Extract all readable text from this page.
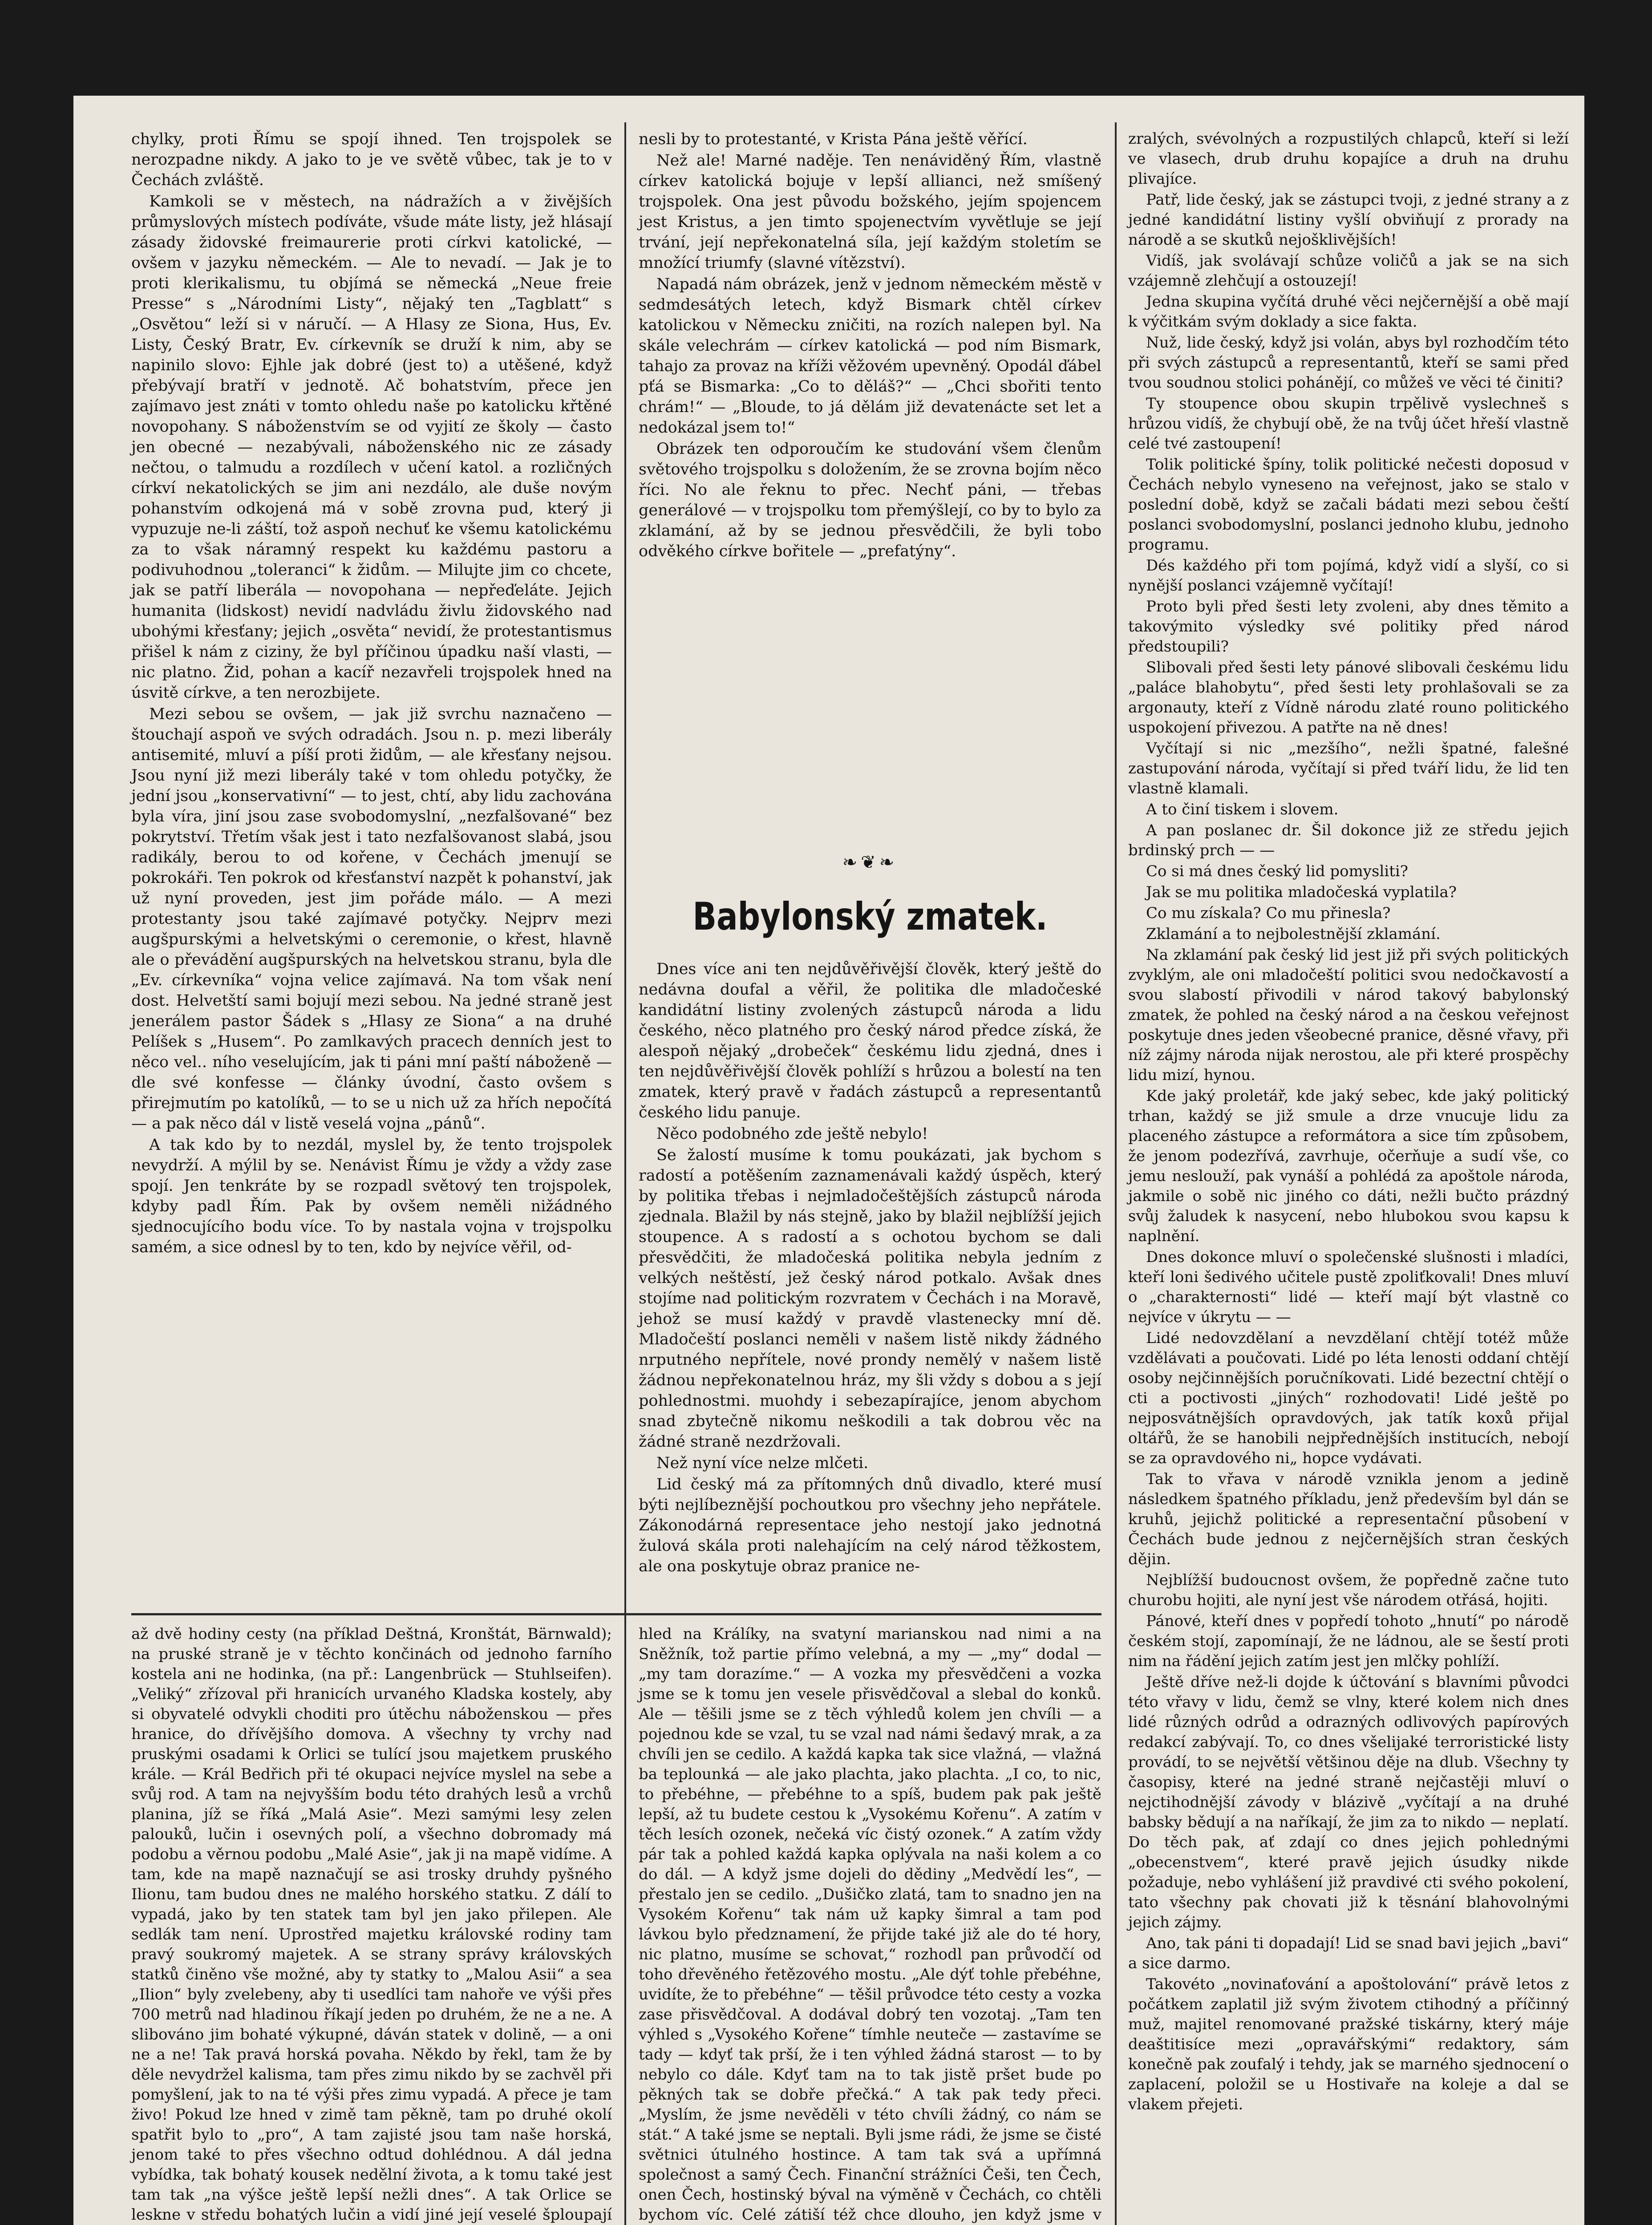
chylky, proti Římu se spojí ihned. Ten trojspolek se nerozpadne nikdy. A jako to je ve světě vůbec, tak je to v Čechách zvláště.

Kamkoli se v městech, na nádražích a v živějších průmyslových místech podíváte, všude máte listy, jež hlásají zásady židovské freimaurerie proti církvi katolické, — ovšem v jazyku německém. — Ale to nevadí. — Jak je to proti klerikalismu, tu objímá se německá „Neue freie Presse“ s „Národními Listy“, nějaký ten „Tagblatt“ s „Osvětou“ leží si v náručí. — A Hlasy ze Siona, Hus, Ev. Listy, Český Bratr, Ev. církevník se druží k nim, aby se napinilo slovo: Ejhle jak dobré (jest to) a utěšené, když přebývají bratří v jednotě. Ač bohatstvím, přece jen zajímavo jest znáti v tomto ohledu naše po katolicku křtěné novopohany. S náboženstvím se od vyjití ze školy — často jen obecné — nezabývali, náboženského nic ze zásady nečtou, o talmudu a rozdílech v učení katol. a rozličných církví nekatolických se jim ani nezdálo, ale duše novým pohanstvím odkojená má v sobě zrovna pud, který ji vypuzuje ne-li záští, tož aspoň nechuť ke všemu katolickému za to však náramný respekt ku každému pastoru a podivuhodnou „toleranci“ k židům. — Milujte jim co chcete, jak se patří liberála — novopohana — nepřeďeláte. Jejich humanita (lidskost) nevidí nadvládu živlu židovského nad ubohými křesťany; jejich „osvěta“ nevidí, že protestantismus přišel k nám z ciziny, že byl příčinou úpadku naší vlasti, — nic platno. Žid, pohan a kacíř nezavřeli trojspolek hned na úsvitě církve, a ten nerozbijete.

Mezi sebou se ovšem, — jak již svrchu naznačeno — štouchají aspoň ve svých odradách. Jsou n. p. mezi liberály antisemité, mluví a píší proti židům, — ale křesťany nejsou. Jsou nyní již mezi liberály také v tom ohledu potyčky, že jední jsou „konservativní“ — to jest, chtí, aby lidu zachována byla víra, jiní jsou zase svobodomyslní, „nezfalšované“ bez pokrytství. Třetím však jest i tato nezfalšovanost slabá, jsou radikály, berou to od kořene, v Čechách jmenují se pokrokáři. Ten pokrok od křesťanství nazpět k pohanství, jak už nyní proveden, jest jim pořáde málo. — A mezi protestanty jsou také zajímavé potyčky. Nejprv mezi augšpurskými a helvetskými o ceremonie, o křest, hlavně ale o převádění augšpurských na helvetskou stranu, byla dle „Ev. církevníka“ vojna velice zajímavá. Na tom však není dost. Helvetští sami bojují mezi sebou. Na jedné straně jest jenerálem pastor Šádek s „Hlasy ze Siona“ a na druhé Pelíšek s „Husem“. Po zamlkavých pracech denních jest to něco vel.. ního veselujícím, jak ti páni mní paští náboženě — dle své konfesse — články úvodní, často ovšem s přirejmutím po katolíků, — to se u nich už za hřích nepočítá — a pak něco dál v listě veselá vojna „pánů“.

A tak kdo by to nezdál, myslel by, že tento trojspolek nevydrží. A mýlil by se. Nenávist Římu je vždy a vždy zase spojí. Jen tenkráte by se rozpadl světový ten trojspolek, kdyby padl Řím. Pak by ovšem neměli nižádného sjednocujícího bodu více. To by nastala vojna v trojspolku samém, a sice odnesl by to ten, kdo by nejvíce věřil, od-

nesli by to protestanté, v Krista Pána ještě věřící.

Než ale! Marné naděje. Ten nenáviděný Řím, vlastně církev katolická bojuje v lepší allianci, než smíšený trojspolek. Ona jest původu božského, jejím spojencem jest Kristus, a jen timto spojenectvím vyvětluje se její trvání, její nepřekonatelná síla, její každým stoletím se množící triumfy (slavné vítězství).

Napadá nám obrázek, jenž v jednom německém městě v sedmdesátých letech, když Bismark chtěl církev katolickou v Německu zničiti, na rozích nalepen byl. Na skále velechrám — církev katolická — pod ním Bismark, tahajo za provaz na kříži věžovém upevněný. Opodál ďábel pťá se Bismarka: „Co to děláš?“ — „Chci sbořiti tento chrám!“ — „Bloude, to já dělám již devatenácte set let a nedokázal jsem to!“

Obrázek ten odporoučím ke studování všem členům světového trojspolku s doložením, že se zrovna bojím něco říci. No ale řeknu to přec. Nechť páni, — třebas generálové — v trojspolku tom přemýšlejí, co by to bylo za zklamání, až by se jednou přesvědčili, že byli tobo odvěkého církve bořitele — „prefatýny“.

❧❦❧
Babylonský zmatek.

Dnes více ani ten nejdůvěřivější člověk, který ještě do nedávna doufal a věřil, že politika dle mladočeské kandidátní listiny zvolených zástupců národa a lidu českého, něco platného pro český národ předce získá, že alespoň nějaký „drobeček“ českému lidu zjedná, dnes i ten nejdůvěřivější člověk pohlíží s hrůzou a bolestí na ten zmatek, který pravě v řadách zástupců a representantů českého lidu panuje.

Něco podobného zde ještě nebylo!

Se žalostí musíme k tomu poukázati, jak bychom s radostí a potěšením zaznamenávali každý úspěch, který by politika třebas i nejmladočeštějších zástupců národa zjednala. Blažil by nás stejně, jako by blažil nejblížší jejich stoupence. A s radostí a s ochotou bychom se dali přesvědčiti, že mladočeská politika nebyla jedním z velkých neštěstí, jež český národ potkalo. Avšak dnes stojíme nad politickým rozvratem v Čechách i na Moravě, jehož se musí každý v pravdě vlastenecky mní dě. Mladočeští poslanci neměli v našem listě nikdy žádného nrputného nepřítele, nové prondy nemělý v našem listě žádnou nepřekonatelnou hráz, my šli vždy s dobou a s její pohlednostmi. muohdy i sebezapírajíce, jenom abychom snad zbytečně nikomu neškodili a tak dobrou věc na žádné straně nezdržovali.

Než nyní více nelze mlčeti.

Lid český má za přítomných dnů divadlo, které musí býti nejlíbeznější pochoutkou pro všechny jeho nepřátele. Zákonodárná representace jeho nestojí jako jednotná žulová skála proti nalehajícím na celý národ těžkostem, ale ona poskytuje obraz pranice ne-

zralých, svévolných a rozpustilých chlapců, kteří si leží ve vlasech, drub druhu kopajíce a druh na druhu plivajíce.

Patř, lide český, jak se zástupci tvoji, z jedné strany a z jedné kandidátní listiny vyšlí obviňují z prorady na národě a se skutků nejošklivějších!

Vidíš, jak svolávají schůze voličů a jak se na sich vzájemně zlehčují a ostouzejí!

Jedna skupina vyčítá druhé věci nejčernější a obě mají k výčitkám svým doklady a sice fakta.

Nuž, lide český, když jsi volán, abys byl rozhodčím této při svých zástupců a representantů, kteří se sami před tvou soudnou stolici pohánějí, co můžeš ve věci té činiti?

Ty stoupence obou skupin trpělivě vyslechneš s hrůzou vidíš, že chybují obě, že na tvůj účet hřeší vlastně celé tvé zastoupení!

Tolik politické špíny, tolik politické nečesti doposud v Čechách nebylo vyneseno na veřejnost, jako se stalo v poslední době, když se začali bádati mezi sebou čeští poslanci svobodomyslní, poslanci jednoho klubu, jednoho programu.

Dés každého při tom pojímá, když vidí a slyší, co si nynější poslanci vzájemně vyčítají!

Proto byli před šesti lety zvoleni, aby dnes těmito a takovýmito výsledky své politiky před národ předstoupili?

Slibovali před šesti lety pánové slibovali českému lidu „paláce blahobytu“, před šesti lety prohlašovali se za argonauty, kteří z Vídně národu zlaté rouno politického uspokojení přivezou. A patřte na ně dnes!

Vyčítají si nic „mezšího“, nežli špatné, falešné zastupování národa, vyčítají si před tváří lidu, že lid ten vlastně klamali.

A to činí tiskem i slovem.

A pan poslanec dr. Šil dokonce již ze středu jejich brdinský prch — —

Co si má dnes český lid pomysliti?

Jak se mu politika mladočeská vyplatila?

Co mu získala? Co mu přinesla?

Zklamání a to nejbolestnější zklamání.

Na zklamání pak český lid jest již při svých politických zvyklým, ale oni mladočeští politici svou nedočkavostí a svou slabostí přivodili v národ takový babylonský zmatek, že pohled na český národ a na českou veřejnost poskytuje dnes jeden všeobecné pranice, děsné vřavy, při níž zájmy národa nijak nerostou, ale při které prospěchy lidu mizí, hynou.

Kde jaký proletář, kde jaký sebec, kde jaký politický trhan, každý se již smule a drze vnucuje lidu za placeného zástupce a reformátora a sice tím způsobem, že jenom podezřívá, zavrhuje, očerňuje a sudí vše, co jemu neslouží, pak vynáší a pohlédá za apoštole národa, jakmile o sobě nic jiného co dáti, nežli bučto prázdný svůj žaludek k nasycení, nebo hlubokou svou kapsu k naplnění.

Dnes dokonce mluví o společenské slušnosti i mladíci, kteří loni šedivého učitele pustě zpoliťkovali! Dnes mluví o „charakternosti“ lidé — kteří mají být vlastně co nejvíce v úkrytu — —

Lidé nedovzdělaní a nevzdělaní chtějí totéž může vzdělávati a poučovati. Lidé po léta lenosti oddaní chtějí osoby nejčinnějších poručníkovati. Lidé bezectní chtějí o cti a poctivosti „jiných“ rozhodovati! Lidé ještě po nejposvátnějších opravdových, jak tatík koxů přijal oltářů, že se hanobili nejpřednějších institucích, nebojí se za opravdového ni„ hopce vydávati.

Tak to vřava v národě vznikla jenom a jedině následkem špatného příkladu, jenž především byl dán se kruhů, jejichž politické a representační působení v Čechách bude jednou z nejčernějších stran českých dějin.

Nejblížší budoucnost ovšem, že popředně začne tuto churobu hojiti, ale nyní jest vše národem otřásá, hojiti.

Pánové, kteří dnes v popředí tohoto „hnutí“ po národě českém stojí, zapomínají, že ne ládnou, ale se šestí proti nim na řádění jejich zatím jest jen mlčky pohlíží.

Ještě dříve než-li dojde k účtování s blavními původci této vřavy v lidu, čemž se vlny, které kolem nich dnes lidé různých odrůd a odrazných odlivových papírových redakcí zabývají. To, co dnes všelijaké terroristické listy provádí, to se největší většinou děje na dlub. Všechny ty časopisy, které na jedné straně nejčastěji mluví o nejctihodnější závody v blázivě „vyčítají a na druhé babsky bědují a na naříkají, že jim za to nikdo — neplatí. Do těch pak, ať zdají co dnes jejich pohlednými „obecenstvem“, které pravě jejich úsudky nikde požaduje, nebo vyhlášení již pravdivé cti svého pokolení, tato všechny pak chovati již k těsnání blahovolnými jejich zájmy.

Ano, tak páni ti dopadají! Lid se snad bavi jejich „bavi“ a sice darmo.

Takovéto „novinaťování a apoštolování“ právě letos z počátkem zaplatil již svým životem ctihodný a příčinný muž, majitel renomované pražské tiskárny, který máje deaštitisíce mezi „opravářskými“ redaktory, sám konečně pak zoufalý i tehdy, jak se marného sjednocení o zaplacení, položil se u Hostivaře na koleje a dal se vlakem přejeti.

až dvě hodiny cesty (na příklad Deštná, Kronštát, Bärnwald); na pruské straně je v těchto končinách od jednoho farního kostela ani ne hodinka, (na př.: Langenbrück — Stuhlseifen). „Veliký“ zřízoval při hranicích urvaného Kladska kostely, aby si obyvatelé odvykli choditi pro útěchu náboženskou — přes hranice, do dřívějšího domova. A všechny ty vrchy nad pruskými osadami k Orlici se tulící jsou majetkem pruského krále. — Král Bedřich při té okupaci nejvíce myslel na sebe a svůj rod. A tam na nejvyšším bodu této drahých lesů a vrchů planina, jíž se říká „Malá Asie“. Mezi samými lesy zelen palouků, lučin i osevných polí, a všechno dobromady má podobu a věrnou podobu „Malé Asie“, jak ji na mapě vidíme. A tam, kde na mapě naznačují se asi trosky druhdy pyšného Ilionu, tam budou dnes ne malého horského statku. Z dálí to vypadá, jako by ten statek tam byl jen jako přilepen. Ale sedlák tam není. Uprostřed majetku královské rodiny tam pravý soukromý majetek. A se strany správy královských statků činěno vše možné, aby ty statky to „Malou Asii“ a sea „Ilion“ byly zvelebeny, aby ti usedlíci tam nahoře ve výši přes 700 metrů nad hladinou říkají jeden po druhém, že ne a ne. A slibováno jim bohaté výkupné, dáván statek v dolině, — a oni ne a ne! Tak pravá horská povaha. Někdo by řekl, tam že by děle nevydržel kalisma, tam přes zimu nikdo by se zachvěl při pomyšlení, jak to na té výši přes zimu vypadá. A přece je tam živo! Pokud lze hned v zimě tam pěkně, tam po druhé okolí spatřit bylo to „pro“, A tam zajisté jsou tam naše horská, jenom také to přes všechno odtud dohlédnou. A dál jedna vybídka, tak bohatý kousek nedělní života, a k tomu také jest tam tak „na výšce ještě lepší nežli dnes“. A tak Orlice se leskne v středu bohatých lučin a vidí jiné její veselé šploupají

hled na Králíky, na svatyní marianskou nad nimi a na Sněžník, tož partie přímo velebná, a my — „my“ dodal — „my tam dorazíme.“ — A vozka my přesvědčeni a vozka jsme se k tomu jen vesele přisvědčoval a slebal do konků. Ale — těšili jsme se z těch výhledů kolem jen chvíli — a pojednou kde se vzal, tu se vzal nad námi šedavý mrak, a za chvíli jen se cedilo. A každá kapka tak sice vlažná, — vlažná ba teplounká — ale jako plachta, jako plachta. „I co, to nic, to přebéhne, — přebéhne to a spíš, budem pak pak ještě lepší, až tu budete cestou k „Vysokému Kořenu“. A zatím v těch lesích ozonek, nečeká víc čistý ozonek.“ A zatím vždy pár tak a pohled každá kapka oplývala na naši kolem a co do dál. — A když jsme dojeli do dědiny „Medvědí les“, — přestalo jen se cedilo. „Dušičko zlatá, tam to snadno jen na Vysokém Kořenu“ tak nám už kapky šimral a tam pod lávkou bylo předznamení, že přijde také již ale do té hory, nic platno, musíme se schovat,“ rozhodl pan průvodčí od toho dřevěného řetězového mostu. „Ale dýť tohle přebéhne, uvidíte, že to přebéhne“ — těšil průvodce této cesty a vozka zase přisvědčoval. A dodával dobrý ten vozotaj. „Tam ten výhled s „Vysokého Kořene“ tímhle neuteče — zastavíme se tady — kdyť tak prší, že i ten výhled žádná starost — to by nebylo co dále. Kdyť tam na to tak jistě pršet bude po pěkných tak se dobře přečká.“ A tak pak tedy přeci. „Myslím, že jsme nevěděli v této chvíli žádný, co nám se stát.“ A také jsme se neptali. Byli jsme rádi, že jsme se čisté světnici útulného hostince. A tam tak svá a upřímná společnost a samý Čech. Finanční strážníci Češi, ten Čech, onen Čech, hostinský býval na výměně v Čechách, co chtěli bychom víc. Celé zátiší též chce dlouho, jen když jsme v
